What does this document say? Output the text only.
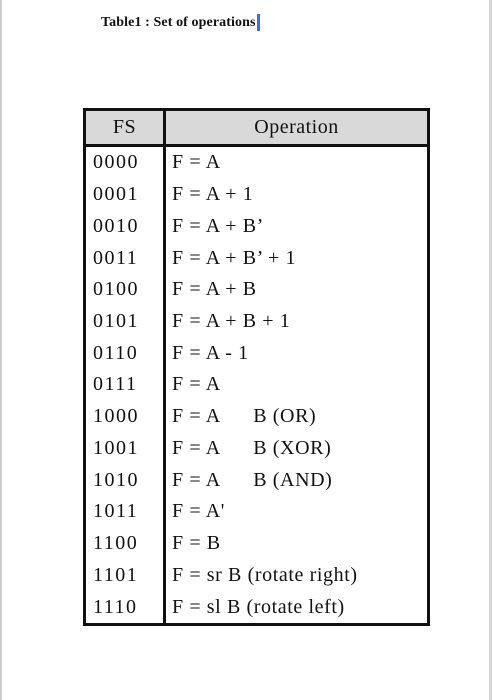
Table1 : Set of operations
FS	Operation
0000	F = A
0001	F = A + 1
0010	F = A + B’
0011	F = A + B’ + 1
0100	F = A + B
0101	F = A + B + 1
0110	F = A - 1
0111	F = A
1000	F = A      B (OR)
1001	F = A      B (XOR)
1010	F = A      B (AND)
1011	F = A'
1100	F = B
1101	F = sr B (rotate right)
1110	F = sl B (rotate left)
